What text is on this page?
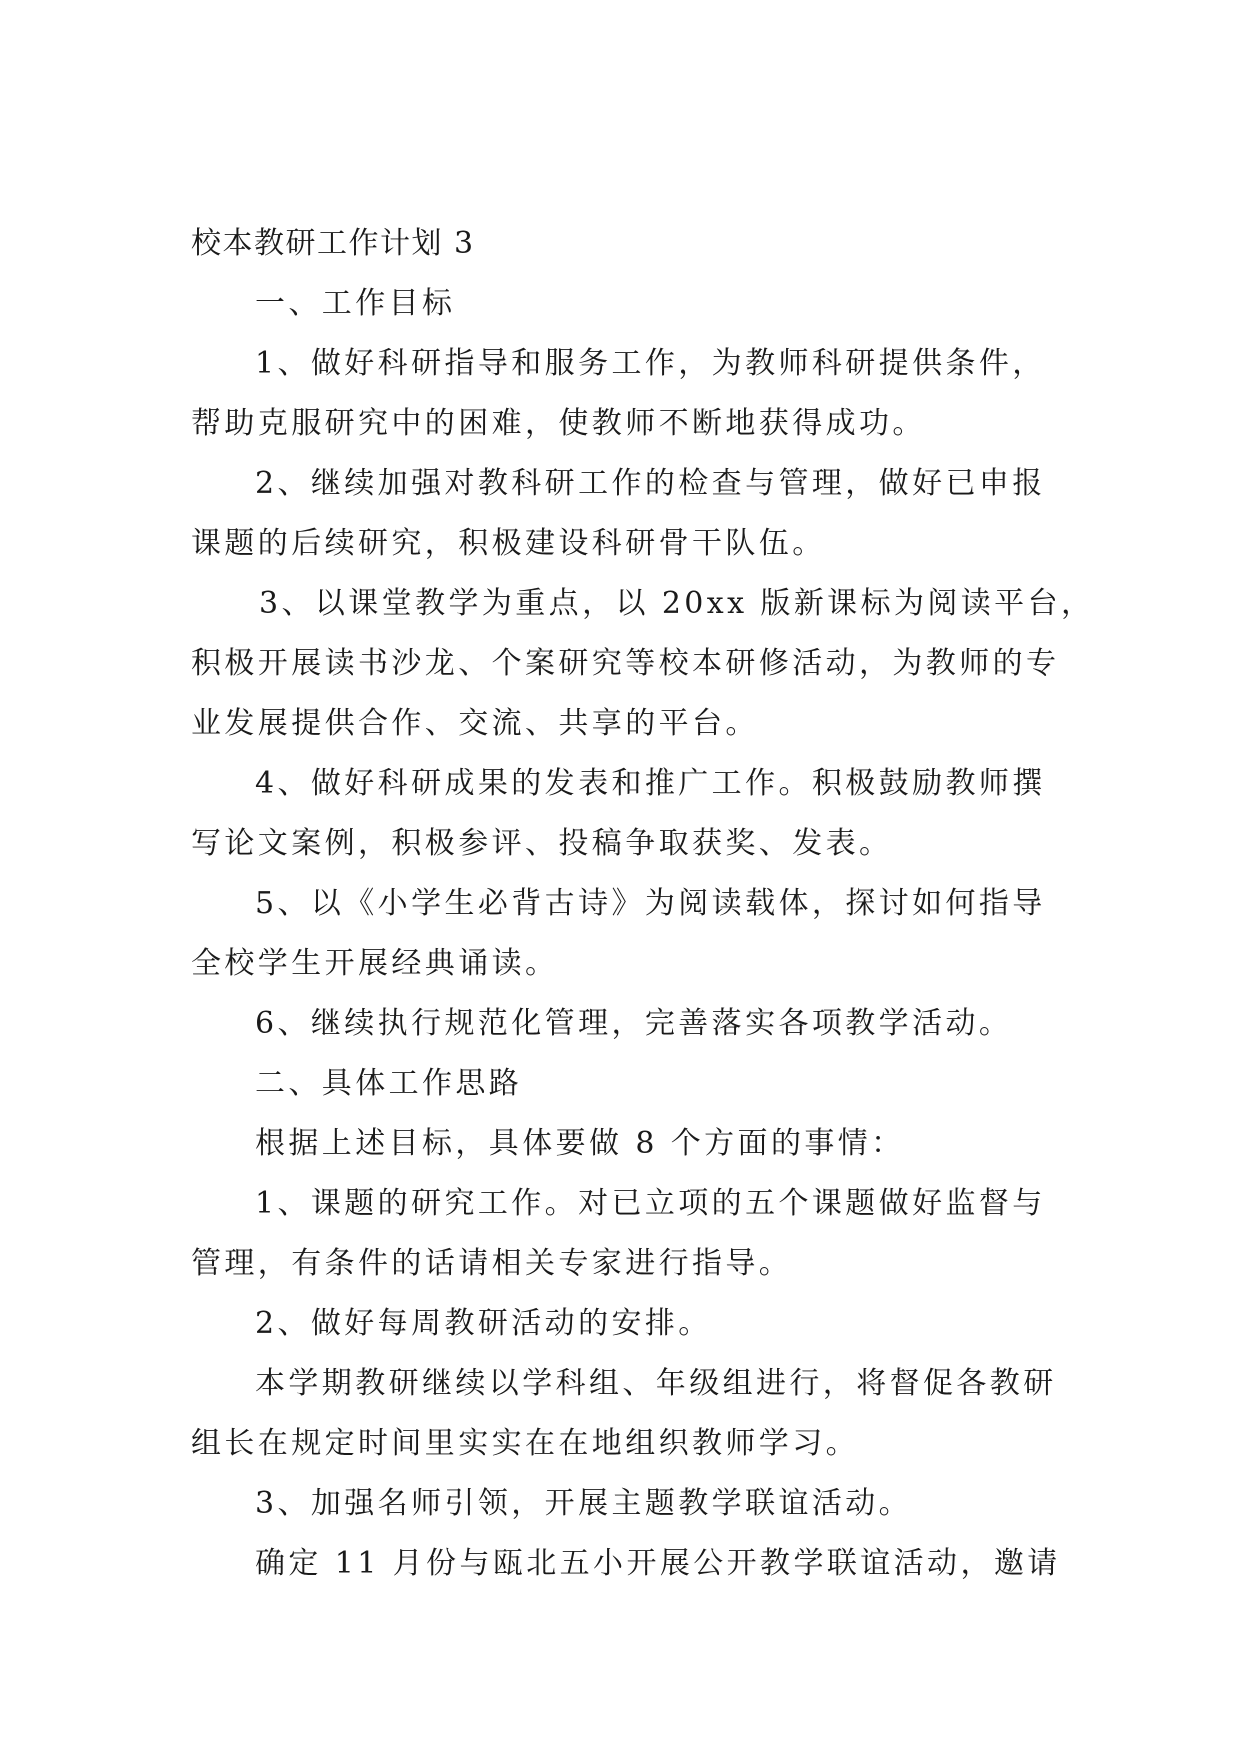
校本教研工作计划 3

一、工作目标

1、做好科研指导和服务工作，为教师科研提供条件，

帮助克服研究中的困难，使教师不断地获得成功。

2、继续加强对教科研工作的检查与管理，做好已申报

课题的后续研究，积极建设科研骨干队伍。

3、以课堂教学为重点，以 20xx 版新课标为阅读平台，

积极开展读书沙龙、个案研究等校本研修活动，为教师的专

业发展提供合作、交流、共享的平台。

4、做好科研成果的发表和推广工作。积极鼓励教师撰

写论文案例，积极参评、投稿争取获奖、发表。

5、以《小学生必背古诗》为阅读载体，探讨如何指导

全校学生开展经典诵读。

6、继续执行规范化管理，完善落实各项教学活动。

二、具体工作思路

根据上述目标，具体要做 8 个方面的事情：

1、课题的研究工作。对已立项的五个课题做好监督与

管理，有条件的话请相关专家进行指导。

2、做好每周教研活动的安排。

本学期教研继续以学科组、年级组进行，将督促各教研

组长在规定时间里实实在在地组织教师学习。

3、加强名师引领，开展主题教学联谊活动。

确定 11 月份与瓯北五小开展公开教学联谊活动，邀请
